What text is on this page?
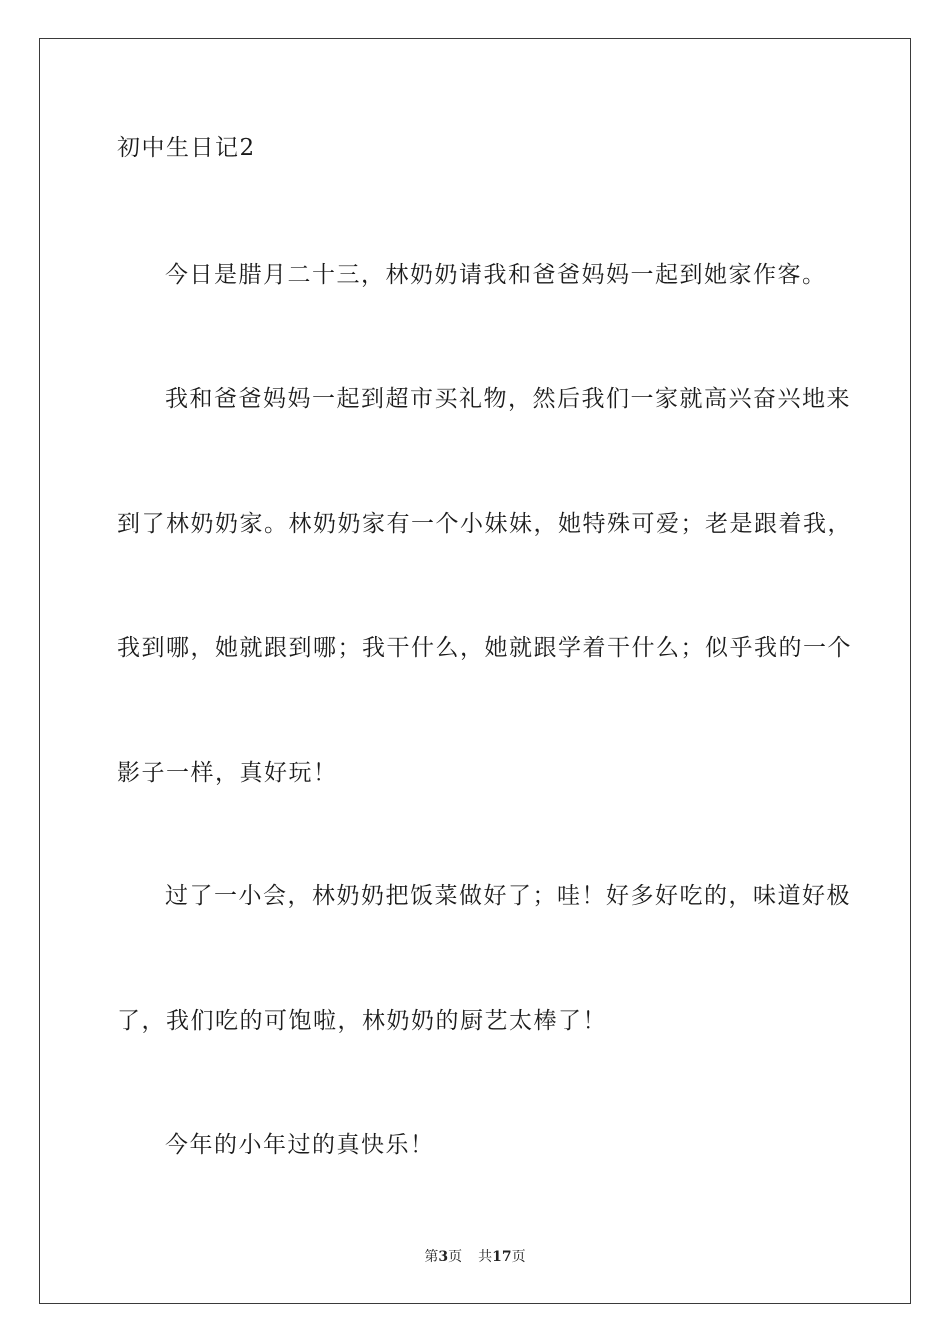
初中生日记2
今日是腊月二十三，林奶奶请我和爸爸妈妈一起到她家作客。
我和爸爸妈妈一起到超市买礼物，然后我们一家就高兴奋兴地来
到了林奶奶家。林奶奶家有一个小妹妹，她特殊可爱；老是跟着我，
我到哪，她就跟到哪；我干什么，她就跟学着干什么；似乎我的一个
影子一样，真好玩！
过了一小会，林奶奶把饭菜做好了；哇！好多好吃的，味道好极
了，我们吃的可饱啦，林奶奶的厨艺太棒了！
今年的小年过的真快乐！
第3页 共17页
